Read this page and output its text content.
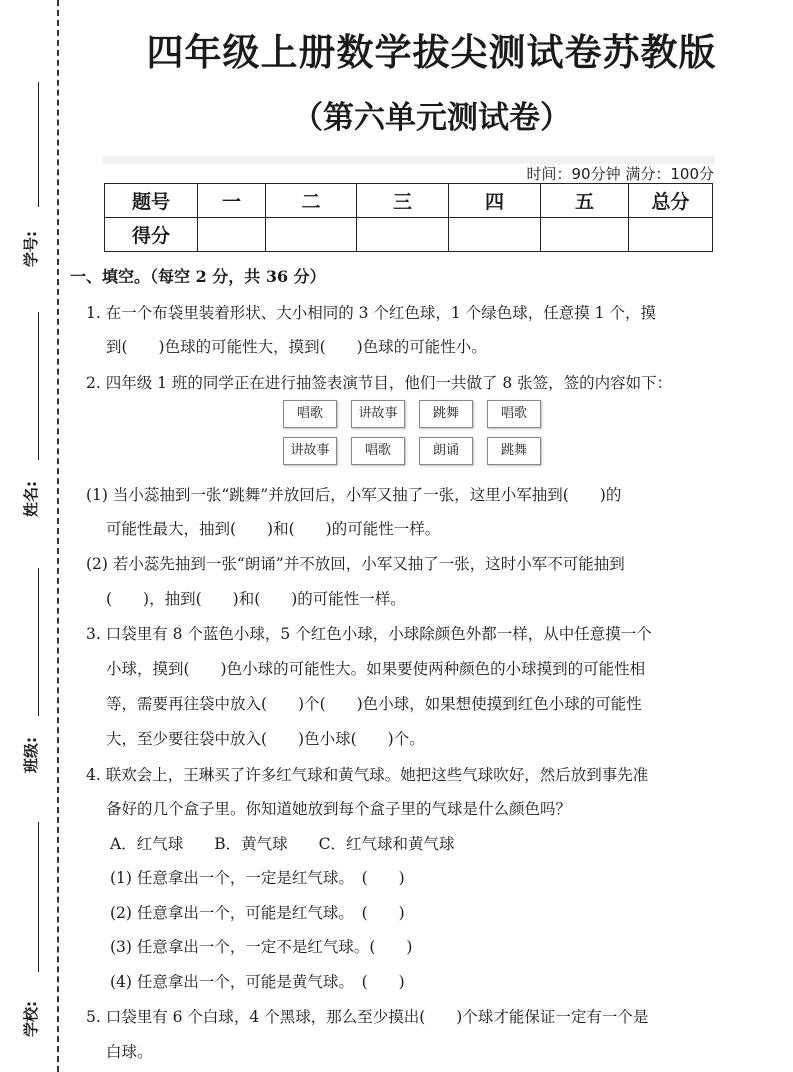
学号:
姓名:
班级:
学校:
四年级上册数学拔尖测试卷苏教版
（第六单元测试卷）
时间：90分钟 满分：100分
题号	一	二	三	四	五	总分
得分						
一、填空。（每空 2 分，共 36 分）
1. 在一个布袋里装着形状、大小相同的 3 个红色球，1 个绿色球，任意摸 1 个，摸
到(　　)色球的可能性大，摸到(　　)色球的可能性小。
2. 四年级 1 班的同学正在进行抽签表演节目，他们一共做了 8 张签，签的内容如下：
唱歌	讲故事	跳舞	唱歌
讲故事	唱歌	朗诵	跳舞
(1) 当小蕊抽到一张“跳舞”并放回后，小军又抽了一张，这里小军抽到(　　)的
可能性最大，抽到(　　)和(　　)的可能性一样。
(2) 若小蕊先抽到一张“朗诵”并不放回，小军又抽了一张，这时小军不可能抽到
(　　)，抽到(　　)和(　　)的可能性一样。
3. 口袋里有 8 个蓝色小球，5 个红色小球，小球除颜色外都一样，从中任意摸一个
小球，摸到(　　)色小球的可能性大。如果要使两种颜色的小球摸到的可能性相
等，需要再往袋中放入(　　)个(　　)色小球，如果想使摸到红色小球的可能性
大，至少要往袋中放入(　　)色小球(　　)个。
4. 联欢会上，王琳买了许多红气球和黄气球。她把这些气球吹好，然后放到事先准
备好的几个盒子里。你知道她放到每个盒子里的气球是什么颜色吗？
A．红气球　　B．黄气球　　C．红气球和黄气球
(1) 任意拿出一个，一定是红气球。　(　　)
(2) 任意拿出一个，可能是红气球。　(　　)
(3) 任意拿出一个，一定不是红气球。(　　)
(4) 任意拿出一个，可能是黄气球。　(　　)
5. 口袋里有 6 个白球，4 个黑球，那么至少摸出(　　)个球才能保证一定有一个是
白球。
